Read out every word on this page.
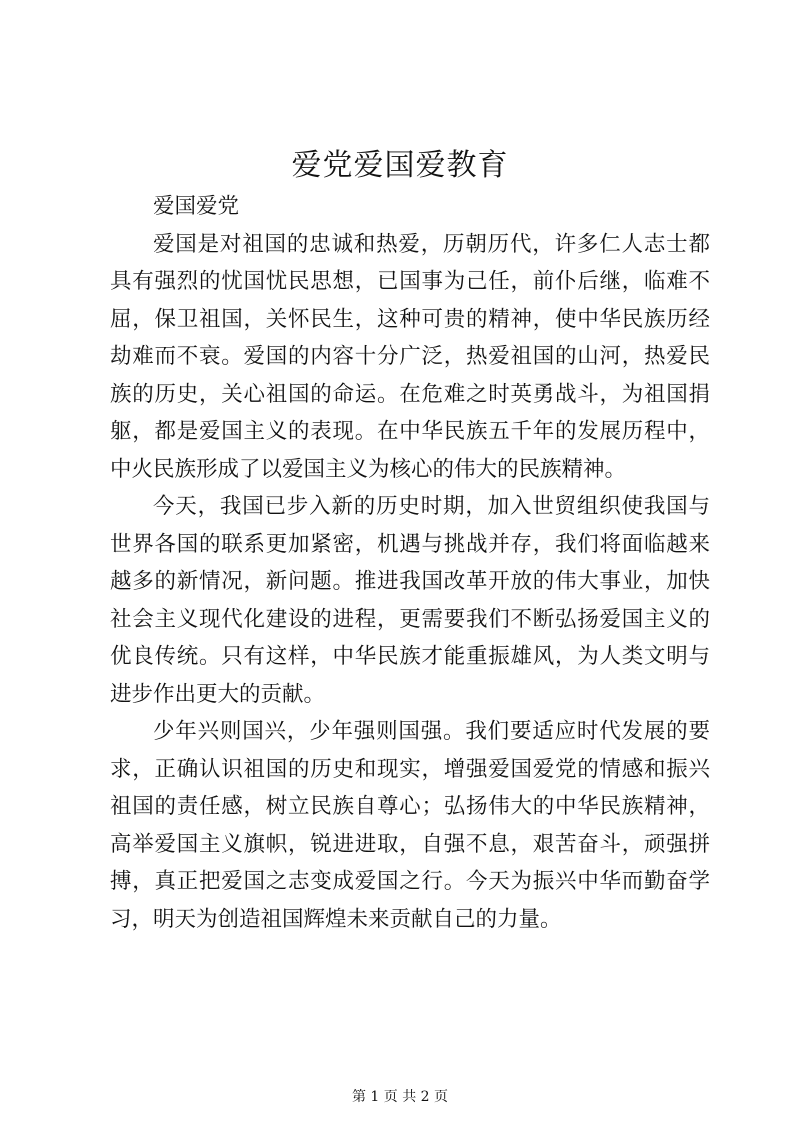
爱党爱国爱教育

爱国爱党

爱国是对祖国的忠诚和热爱，历朝历代，许多仁人志士都具有强烈的忧国忧民思想，已国事为己任，前仆后继，临难不屈，保卫祖国，关怀民生，这种可贵的精神，使中华民族历经劫难而不衰。爱国的内容十分广泛，热爱祖国的山河，热爱民族的历史，关心祖国的命运。在危难之时英勇战斗，为祖国捐躯，都是爱国主义的表现。在中华民族五千年的发展历程中，中火民族形成了以爱国主义为核心的伟大的民族精神。

今天，我国已步入新的历史时期，加入世贸组织使我国与世界各国的联系更加紧密，机遇与挑战并存，我们将面临越来越多的新情况，新问题。推进我国改革开放的伟大事业，加快社会主义现代化建设的进程，更需要我们不断弘扬爱国主义的优良传统。只有这样，中华民族才能重振雄风，为人类文明与进步作出更大的贡献。

少年兴则国兴，少年强则国强。我们要适应时代发展的要求，正确认识祖国的历史和现实，增强爱国爱党的情感和振兴祖国的责任感，树立民族自尊心；弘扬伟大的中华民族精神，高举爱国主义旗帜，锐进进取，自强不息，艰苦奋斗，顽强拼搏，真正把爱国之志变成爱国之行。今天为振兴中华而勤奋学习，明天为创造祖国辉煌未来贡献自己的力量。

第 1 页 共 2 页
